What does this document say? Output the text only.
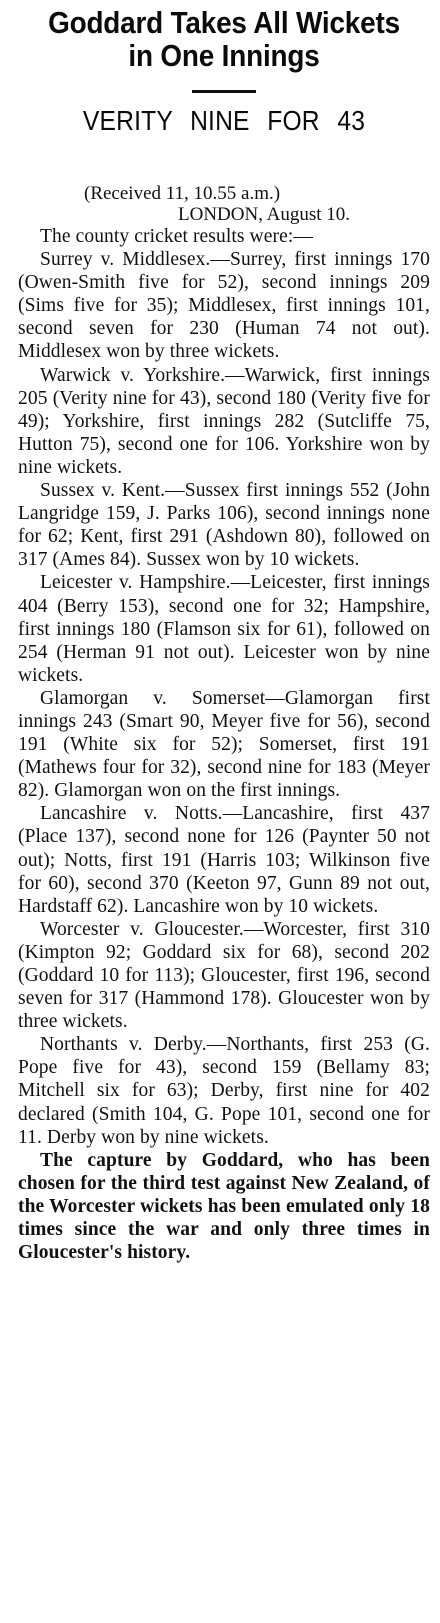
Goddard Takes All Wickets
in One Innings
VERITY NINE FOR 43
(Received 11, 10.55 a.m.)
LONDON, August 10.

The county cricket results were:—

Surrey v. Middlesex.—Surrey, first innings 170 (Owen-Smith five for 52), second innings 209 (Sims five for 35); Middlesex, first innings 101, second seven for 230 (Human 74 not out). Middlesex won by three wickets.

Warwick v. Yorkshire.—Warwick, first innings 205 (Verity nine for 43), second 180 (Verity five for 49); Yorkshire, first innings 282 (Sutcliffe 75, Hutton 75), second one for 106. Yorkshire won by nine wickets.

Sussex v. Kent.—Sussex first innings 552 (John Langridge 159, J. Parks 106), second innings none for 62; Kent, first 291 (Ashdown 80), followed on 317 (Ames 84). Sussex won by 10 wickets.

Leicester v. Hampshire.—Leicester, first innings 404 (Berry 153), second one for 32; Hampshire, first innings 180 (Flamson six for 61), followed on 254 (Herman 91 not out). Leicester won by nine wickets.

Glamorgan v. Somerset—Glamorgan first innings 243 (Smart 90, Meyer five for 56), second 191 (White six for 52); Somerset, first 191 (Mathews four for 32), second nine for 183 (Meyer 82). Glamorgan won on the first innings.

Lancashire v. Notts.—Lancashire, first 437 (Place 137), second none for 126 (Paynter 50 not out); Notts, first 191 (Harris 103; Wilkinson five for 60), second 370 (Keeton 97, Gunn 89 not out, Hardstaff 62). Lancashire won by 10 wickets.

Worcester v. Gloucester.—Worcester, first 310 (Kimpton 92; Goddard six for 68), second 202 (Goddard 10 for 113); Gloucester, first 196, second seven for 317 (Hammond 178). Gloucester won by three wickets.

Northants v. Derby.—Northants, first 253 (G. Pope five for 43), second 159 (Bellamy 83; Mitchell six for 63); Derby, first nine for 402 declared (Smith 104, G. Pope 101, second one for 11. Derby won by nine wickets.

The capture by Goddard, who has been chosen for the third test against New Zealand, of the Worcester wickets has been emulated only 18 times since the war and only three times in Gloucester's history.
